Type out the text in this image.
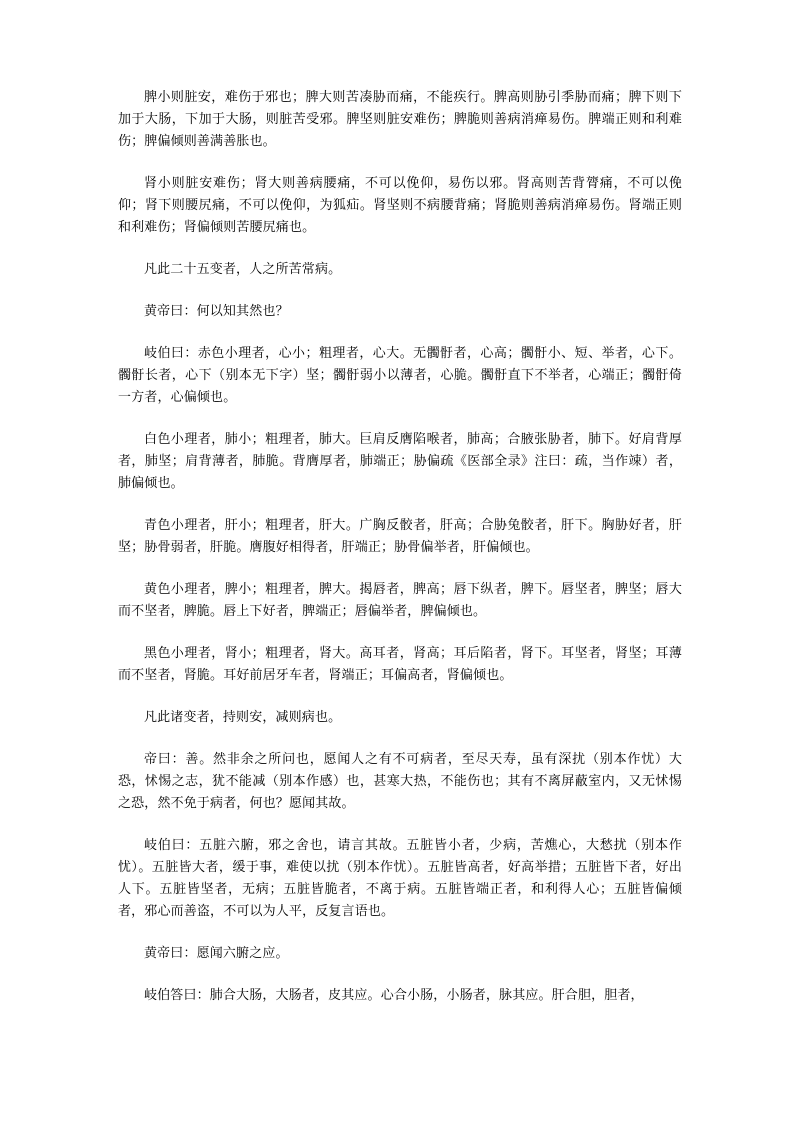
脾小则脏安，难伤于邪也；脾大则苦凑胁而痛，不能疾行。脾高则胁引季胁而痛；脾下则下加于大肠，下加于大肠，则脏苦受邪。脾坚则脏安难伤；脾脆则善病消瘅易伤。脾端正则和利难伤；脾偏倾则善满善胀也。

肾小则脏安难伤；肾大则善病腰痛，不可以俛仰，易伤以邪。肾高则苦背膂痛，不可以俛仰；肾下则腰尻痛，不可以俛仰，为狐疝。肾坚则不病腰背痛；肾脆则善病消瘅易伤。肾端正则和利难伤；肾偏倾则苦腰尻痛也。

凡此二十五变者，人之所苦常病。

黄帝曰：何以知其然也？

岐伯曰：赤色小理者，心小；粗理者，心大。无髑骬者，心高；髑骬小、短、举者，心下。髑骬长者，心下（别本无下字）坚；髑骬弱小以薄者，心脆。髑骬直下不举者，心端正；髑骬倚一方者，心偏倾也。

白色小理者，肺小；粗理者，肺大。巨肩反膺陷喉者，肺高；合腋张胁者，肺下。好肩背厚者，肺坚；肩背薄者，肺脆。背膺厚者，肺端正；胁偏疏《医部全录》注曰：疏，当作竦）者，肺偏倾也。

青色小理者，肝小；粗理者，肝大。广胸反骹者，肝高；合胁兔骹者，肝下。胸胁好者，肝坚；胁骨弱者，肝脆。膺腹好相得者，肝端正；胁骨偏举者，肝偏倾也。

黄色小理者，脾小；粗理者，脾大。揭唇者，脾高；唇下纵者，脾下。唇坚者，脾坚；唇大而不坚者，脾脆。唇上下好者，脾端正；唇偏举者，脾偏倾也。

黑色小理者，肾小；粗理者，肾大。高耳者，肾高；耳后陷者，肾下。耳坚者，肾坚；耳薄而不坚者，肾脆。耳好前居牙车者，肾端正；耳偏高者，肾偏倾也。

凡此诸变者，持则安，减则病也。

帝曰：善。然非余之所问也，愿闻人之有不可病者，至尽天寿，虽有深扰（别本作忧）大恐，怵惕之志，犹不能减（别本作感）也，甚寒大热，不能伤也；其有不离屏蔽室内，又无怵惕之恐，然不免于病者，何也？愿闻其故。

岐伯曰：五脏六腑，邪之舍也，请言其故。五脏皆小者，少病，苦燋心，大愁扰（别本作忧）。五脏皆大者，缓于事，难使以扰（别本作忧）。五脏皆高者，好高举措；五脏皆下者，好出人下。五脏皆坚者，无病；五脏皆脆者，不离于病。五脏皆端正者，和利得人心；五脏皆偏倾者，邪心而善盗，不可以为人平，反复言语也。

黄帝曰：愿闻六腑之应。

岐伯答曰：肺合大肠，大肠者，皮其应。心合小肠，小肠者，脉其应。肝合胆，胆者，
